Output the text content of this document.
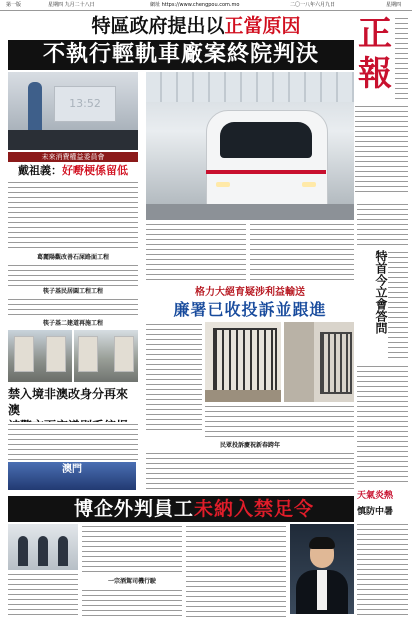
第一版	星期四 九月二十八日	網址 https://www.chengpou.com.mo	二〇一八年六月九日	星期四
特區政府提出以正當原因
不執行輕軌車廠案終院判決
正報
13:52
未來消費權益委員會
戴祖義：好嘢梗係留低
葛麗陽觀改善石屎路面工程
筷子基民居圓工程工程
筷子基二建道再施工程
禁入境非澳改身分再來澳
澳門
格力大絕育疑涉利益輸送
廉署已收投訴並跟進
民眾投訴慶祝新春跨年
特首今立會答問
天氣炎熱
慎防中暑
博企外判員工未納入禁足令
一宗酒駕司機行駛
